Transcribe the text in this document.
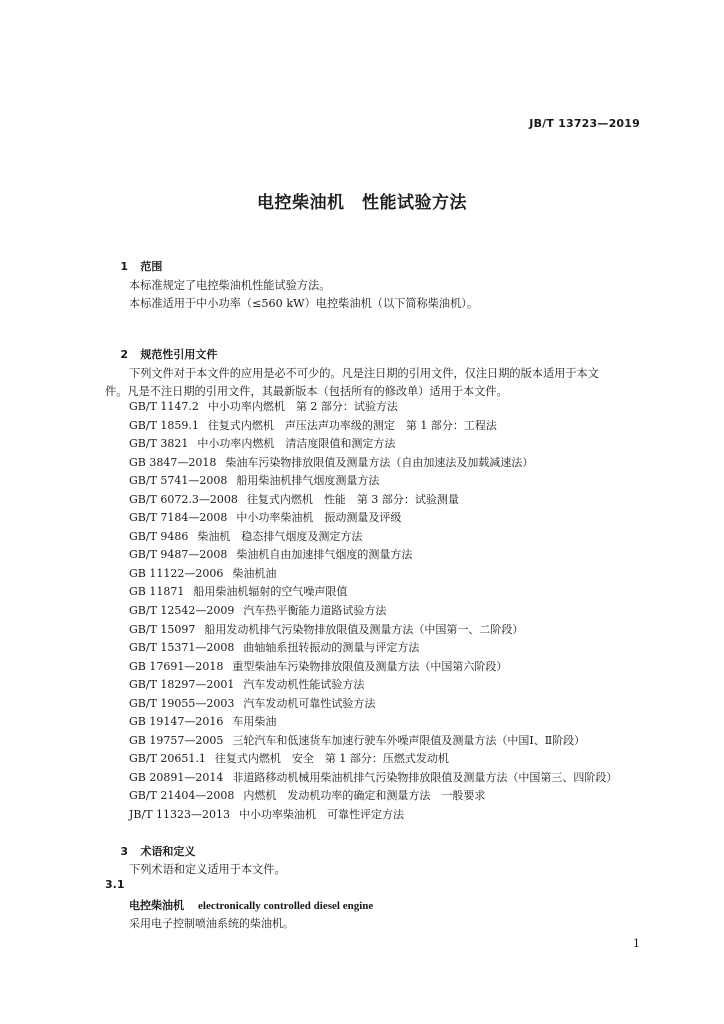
JB/T 13723—2019
电控柴油机　性能试验方法

1 范围

本标准规定了电控柴油机性能试验方法。
本标准适用于中小功率（≤560 kW）电控柴油机（以下简称柴油机）。

2 规范性引用文件

下列文件对于本文件的应用是必不可少的。凡是注日期的引用文件，仅注日期的版本适用于本文
件。凡是不注日期的引用文件，其最新版本（包括所有的修改单）适用于本文件。
GB/T 1147.2 中小功率内燃机　第 2 部分：试验方法
GB/T 1859.1 往复式内燃机　声压法声功率级的测定　第 1 部分：工程法
GB/T 3821 中小功率内燃机　清洁度限值和测定方法
GB 3847—2018 柴油车污染物排放限值及测量方法（自由加速法及加载减速法）
GB/T 5741—2008 船用柴油机排气烟度测量方法
GB/T 6072.3—2008 往复式内燃机　性能　第 3 部分：试验测量
GB/T 7184—2008 中小功率柴油机　振动测量及评级
GB/T 9486 柴油机　稳态排气烟度及测定方法
GB/T 9487—2008 柴油机自由加速排气烟度的测量方法
GB 11122—2006 柴油机油
GB 11871 船用柴油机辐射的空气噪声限值
GB/T 12542—2009 汽车热平衡能力道路试验方法
GB/T 15097 船用发动机排气污染物排放限值及测量方法（中国第一、二阶段）
GB/T 15371—2008 曲轴轴系扭转振动的测量与评定方法
GB 17691—2018 重型柴油车污染物排放限值及测量方法（中国第六阶段）
GB/T 18297—2001 汽车发动机性能试验方法
GB/T 19055—2003 汽车发动机可靠性试验方法
GB 19147—2016 车用柴油
GB 19757—2005 三轮汽车和低速货车加速行驶车外噪声限值及测量方法（中国Ⅰ、Ⅱ阶段）
GB/T 20651.1 往复式内燃机　安全　第 1 部分：压燃式发动机
GB 20891—2014 非道路移动机械用柴油机排气污染物排放限值及测量方法（中国第三、四阶段）
GB/T 21404—2008 内燃机　发动机功率的确定和测量方法　一般要求
JB/T 11323—2013 中小功率柴油机　可靠性评定方法

3 术语和定义

下列术语和定义适用于本文件。
3.1
电控柴油机 electronically controlled diesel engine
采用电子控制喷油系统的柴油机。
1
